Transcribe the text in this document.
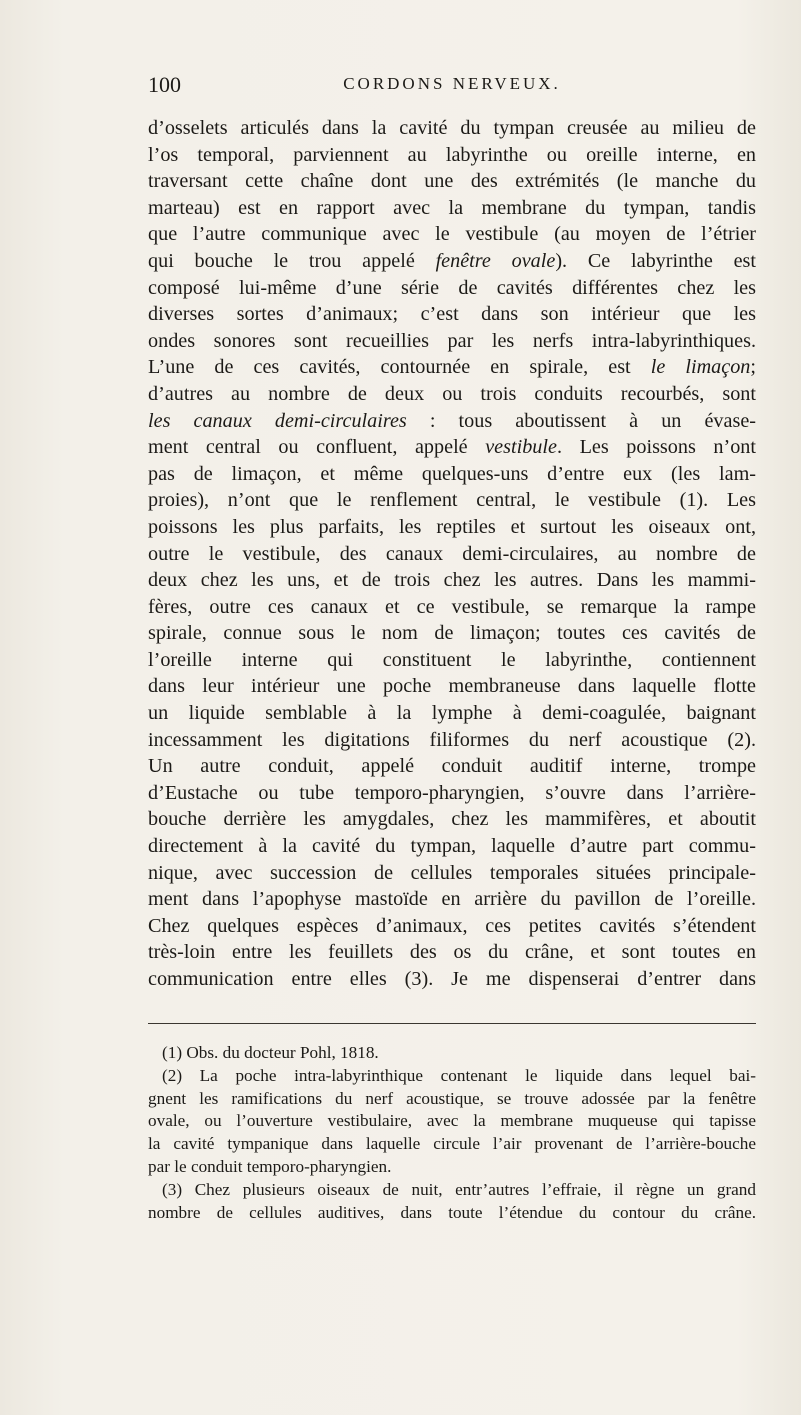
100	CORDONS NERVEUX.
d’osselets articulés dans la cavité du tympan creusée au milieu de
l’os temporal, parviennent au labyrinthe ou oreille interne, en
traversant cette chaîne dont une des extrémités (le manche du
marteau) est en rapport avec la membrane du tympan, tandis
que l’autre communique avec le vestibule (au moyen de l’étrier
qui bouche le trou appelé fenêtre ovale). Ce labyrinthe est
composé lui-même d’une série de cavités différentes chez les
diverses sortes d’animaux; c’est dans son intérieur que les
ondes sonores sont recueillies par les nerfs intra-labyrinthiques.
L’une de ces cavités, contournée en spirale, est le limaçon;
d’autres au nombre de deux ou trois conduits recourbés, sont
les canaux demi-circulaires : tous aboutissent à un évase-
ment central ou confluent, appelé vestibule. Les poissons n’ont
pas de limaçon, et même quelques-uns d’entre eux (les lam-
proies), n’ont que le renflement central, le vestibule (1). Les
poissons les plus parfaits, les reptiles et surtout les oiseaux ont,
outre le vestibule, des canaux demi-circulaires, au nombre de
deux chez les uns, et de trois chez les autres. Dans les mammi-
fères, outre ces canaux et ce vestibule, se remarque la rampe
spirale, connue sous le nom de limaçon; toutes ces cavités de
l’oreille interne qui constituent le labyrinthe, contiennent
dans leur intérieur une poche membraneuse dans laquelle flotte
un liquide semblable à la lymphe à demi-coagulée, baignant
incessamment les digitations filiformes du nerf acoustique (2).
Un autre conduit, appelé conduit auditif interne, trompe
d’Eustache ou tube temporo-pharyngien, s’ouvre dans l’arrière-
bouche derrière les amygdales, chez les mammifères, et aboutit
directement à la cavité du tympan, laquelle d’autre part commu-
nique, avec succession de cellules temporales situées principale-
ment dans l’apophyse mastoïde en arrière du pavillon de l’oreille.
Chez quelques espèces d’animaux, ces petites cavités s’étendent
très-loin entre les feuillets des os du crâne, et sont toutes en
communication entre elles (3). Je me dispenserai d’entrer dans
(1) Obs. du docteur Pohl, 1818.
(2) La poche intra-labyrinthique contenant le liquide dans lequel bai-
gnent les ramifications du nerf acoustique, se trouve adossée par la fenêtre
ovale, ou l’ouverture vestibulaire, avec la membrane muqueuse qui tapisse
la cavité tympanique dans laquelle circule l’air provenant de l’arrière-bouche
par le conduit temporo-pharyngien.
(3) Chez plusieurs oiseaux de nuit, entr’autres l’effraie, il règne un grand
nombre de cellules auditives, dans toute l’étendue du contour du crâne.
